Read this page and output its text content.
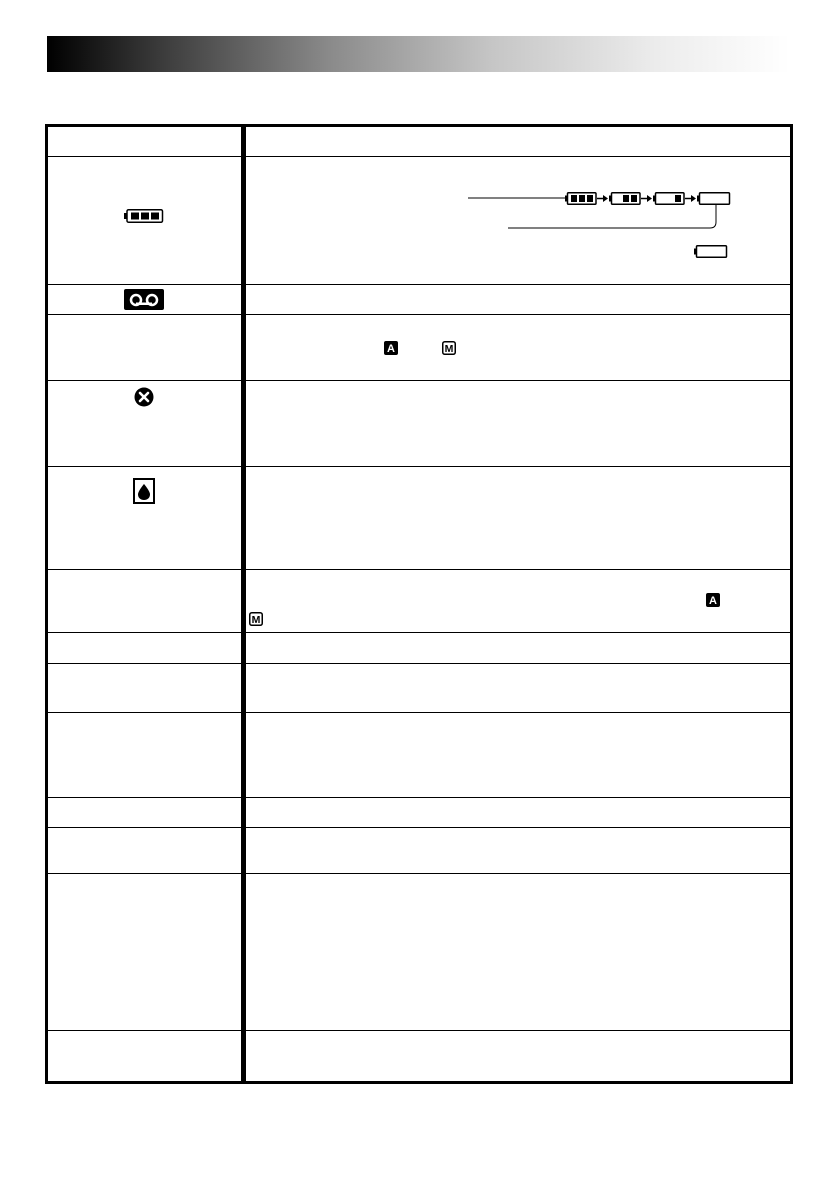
A	M
A
M
